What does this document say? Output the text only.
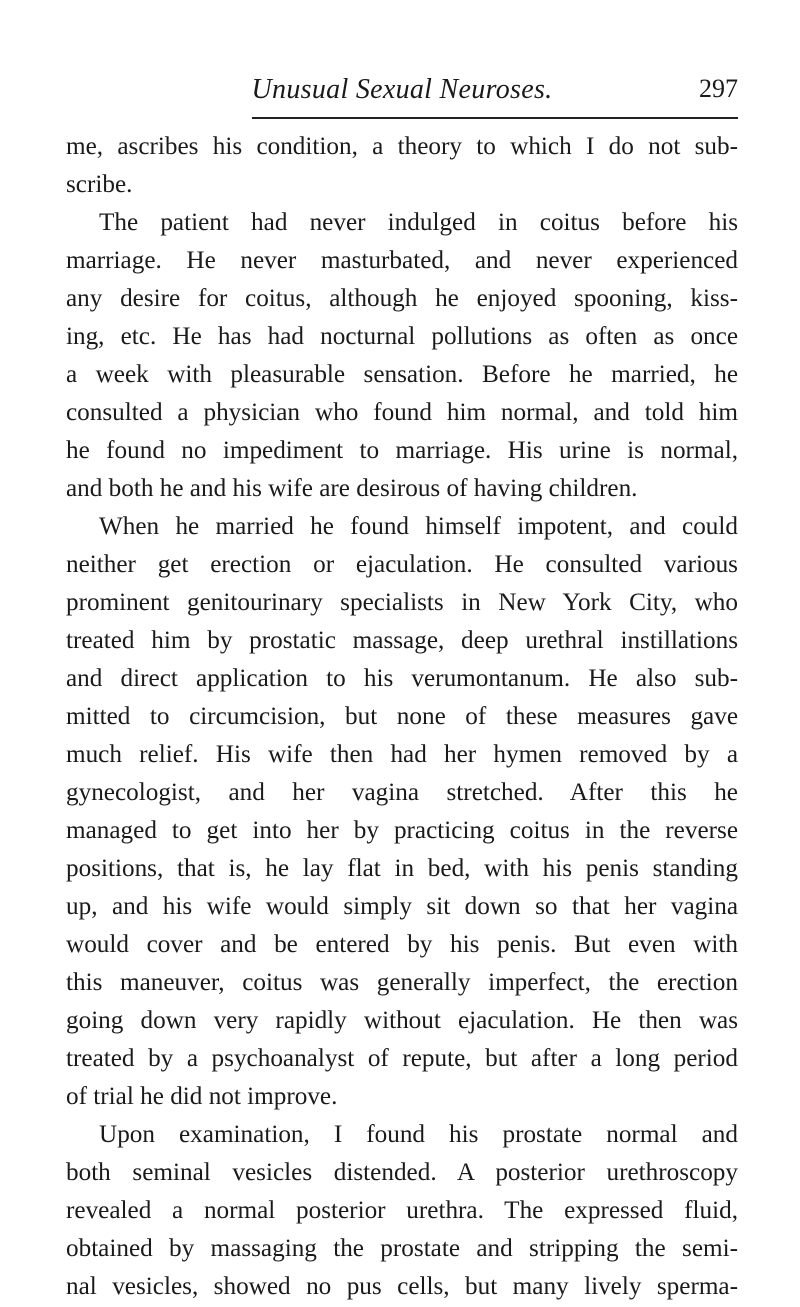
Unusual Sexual Neuroses.	297
me, ascribes his condition, a theory to which I do not sub-
scribe.
The patient had never indulged in coitus before his
marriage. He never masturbated, and never experienced
any desire for coitus, although he enjoyed spooning, kiss-
ing, etc. He has had nocturnal pollutions as often as once
a week with pleasurable sensation. Before he married, he
consulted a physician who found him normal, and told him
he found no impediment to marriage. His urine is normal,
and both he and his wife are desirous of having children.
When he married he found himself impotent, and could
neither get erection or ejaculation. He consulted various
prominent genitourinary specialists in New York City, who
treated him by prostatic massage, deep urethral instillations
and direct application to his verumontanum. He also sub-
mitted to circumcision, but none of these measures gave
much relief. His wife then had her hymen removed by a
gynecologist, and her vagina stretched. After this he
managed to get into her by practicing coitus in the reverse
positions, that is, he lay flat in bed, with his penis standing
up, and his wife would simply sit down so that her vagina
would cover and be entered by his penis. But even with
this maneuver, coitus was generally imperfect, the erection
going down very rapidly without ejaculation. He then was
treated by a psychoanalyst of repute, but after a long period
of trial he did not improve.
Upon examination, I found his prostate normal and
both seminal vesicles distended. A posterior urethroscopy
revealed a normal posterior urethra. The expressed fluid,
obtained by massaging the prostate and stripping the semi-
nal vesicles, showed no pus cells, but many lively sperma-
